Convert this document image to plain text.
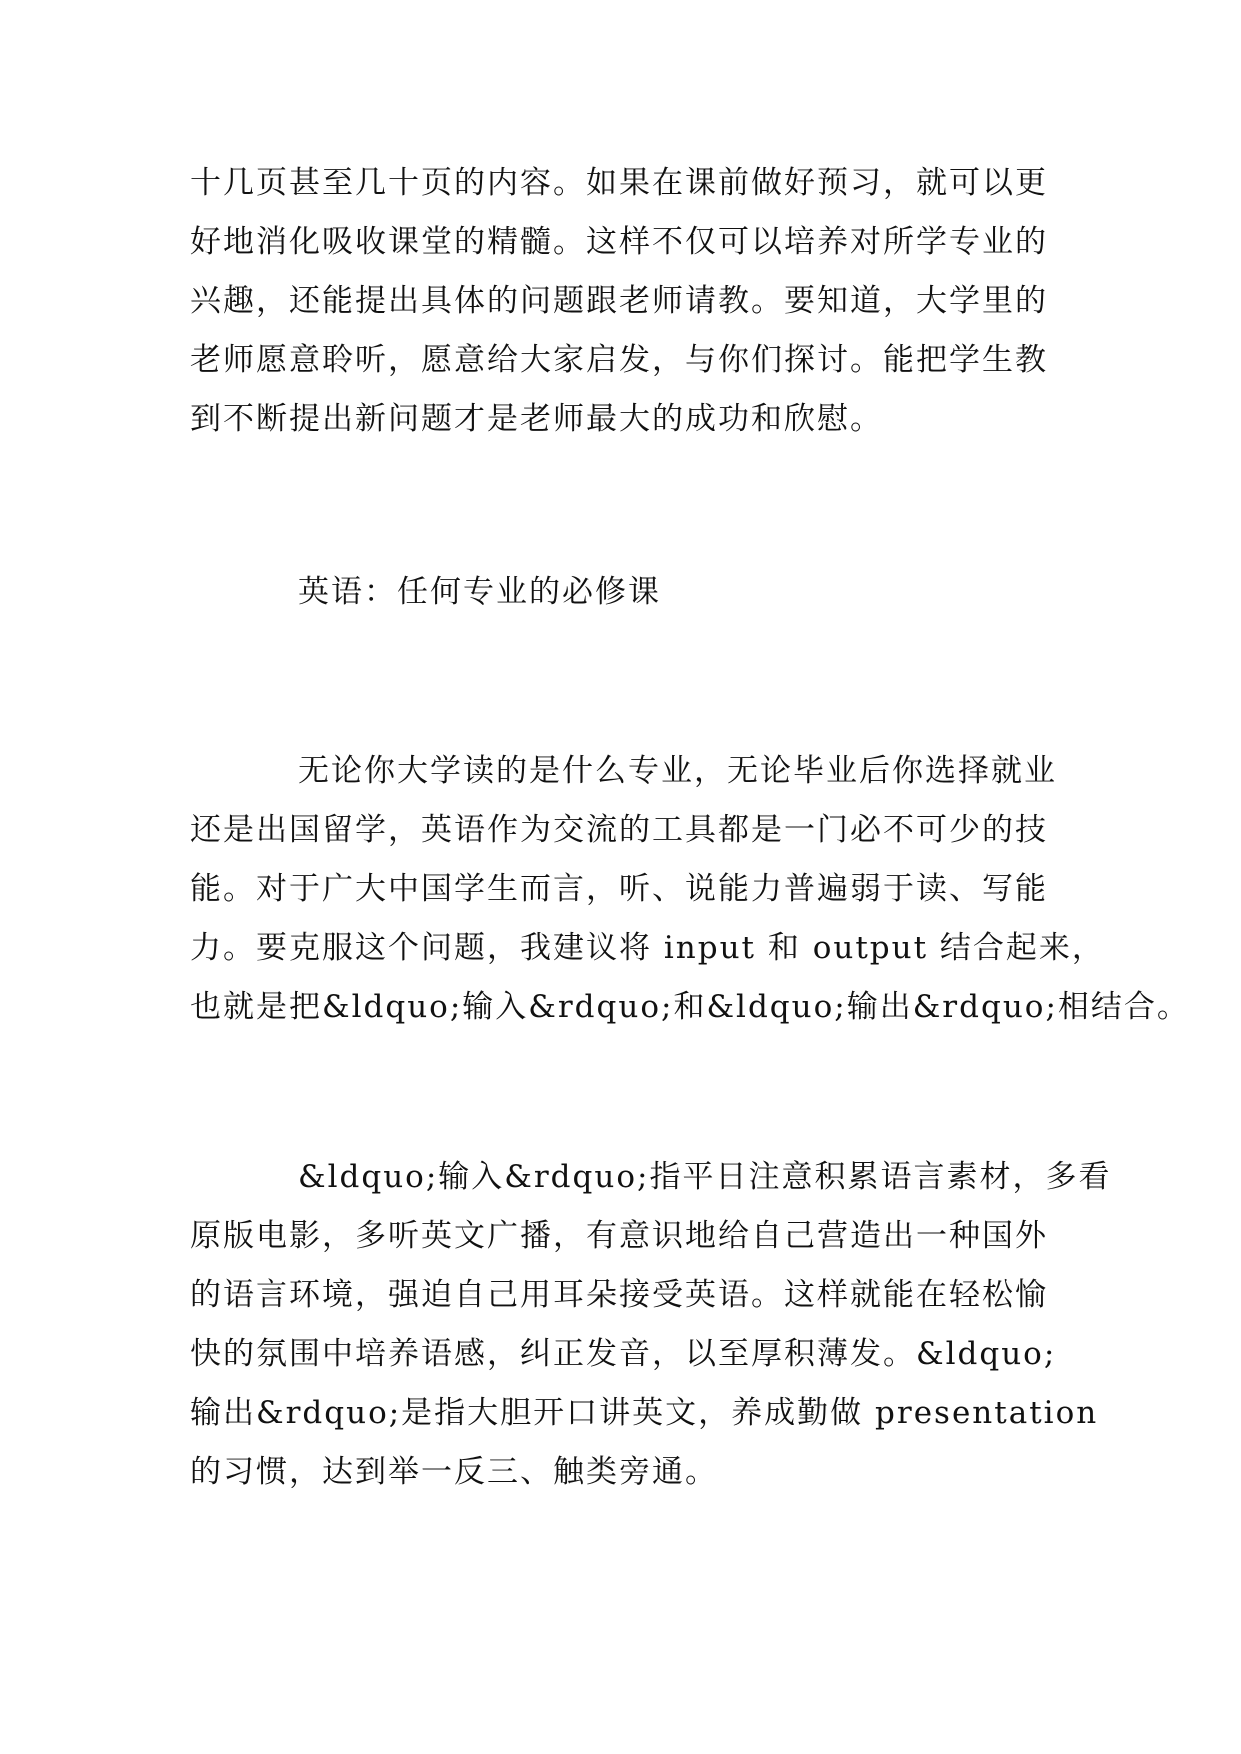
十几页甚至几十页的内容。如果在课前做好预习，就可以更
好地消化吸收课堂的精髓。这样不仅可以培养对所学专业的
兴趣，还能提出具体的问题跟老师请教。要知道，大学里的
老师愿意聆听，愿意给大家启发，与你们探讨。能把学生教
到不断提出新问题才是老师最大的成功和欣慰。
英语：任何专业的必修课
无论你大学读的是什么专业，无论毕业后你选择就业
还是出国留学，英语作为交流的工具都是一门必不可少的技
能。对于广大中国学生而言，听、说能力普遍弱于读、写能
力。要克服这个问题，我建议将 input 和 output 结合起来，
也就是把&ldquo;输入&rdquo;和&ldquo;输出&rdquo;相结合。
&ldquo;输入&rdquo;指平日注意积累语言素材，多看
原版电影，多听英文广播，有意识地给自己营造出一种国外
的语言环境，强迫自己用耳朵接受英语。这样就能在轻松愉
快的氛围中培养语感，纠正发音，以至厚积薄发。&ldquo;
输出&rdquo;是指大胆开口讲英文，养成勤做 presentation
的习惯，达到举一反三、触类旁通。
